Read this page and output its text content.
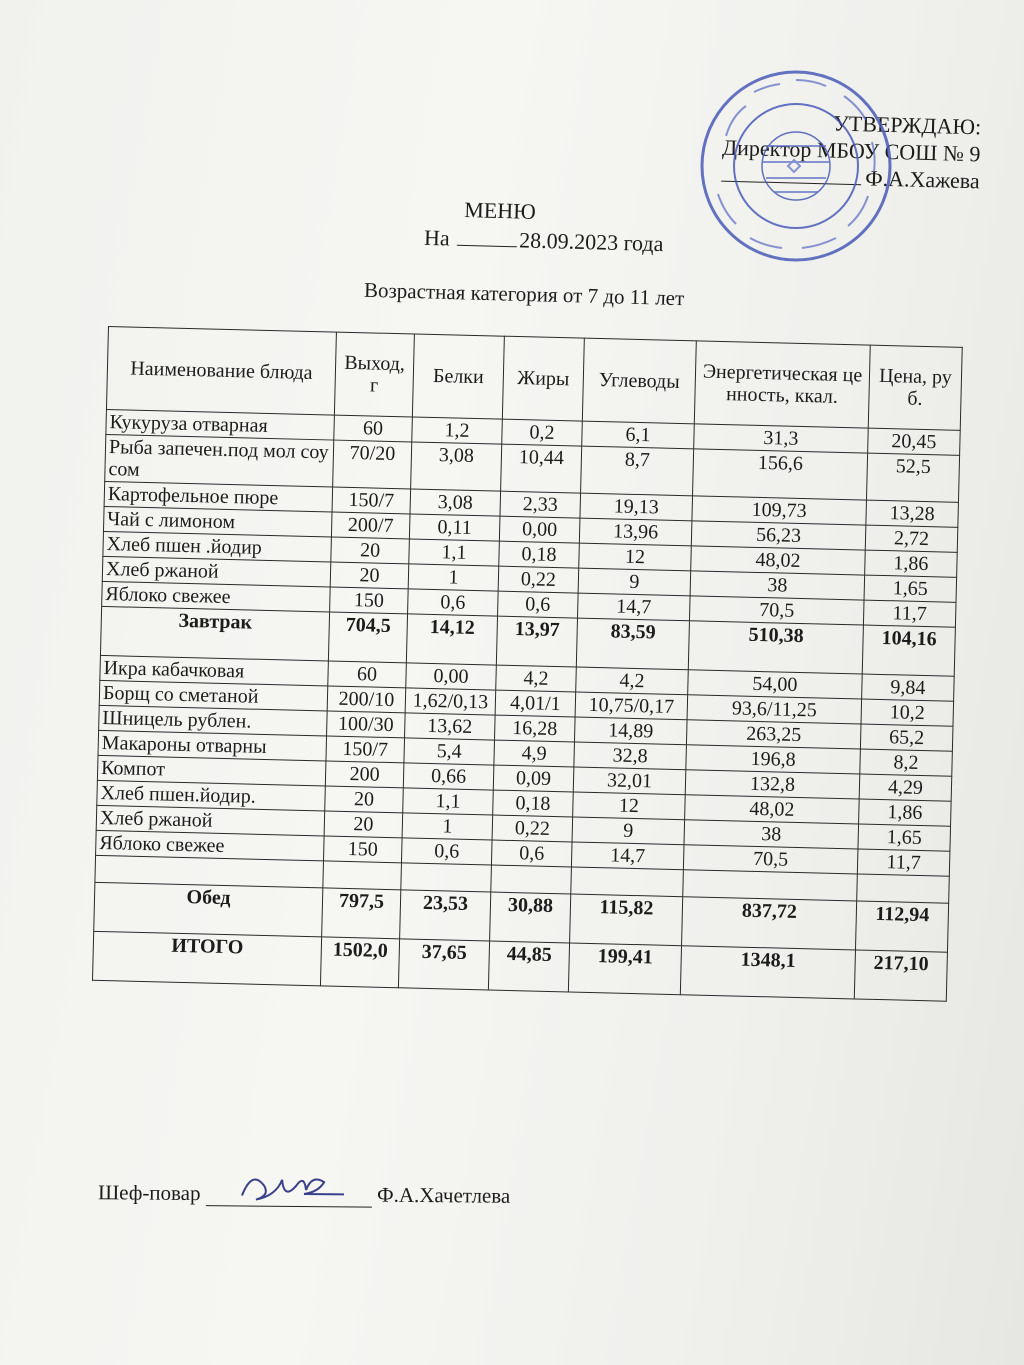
УТВЕРЖДАЮ:
Директор МБОУ СОШ № 9
Ф.А.Хажева
МЕНЮ
На	28.09.2023 года
Возрастная категория от 7 до 11 лет
Наименование блюда	Выход, г	Белки	Жиры	Углеводы	Энергетическая ценность, ккал.	Цена, руб.
Кукуруза отварная	60	1,2	0,2	6,1	31,3	20,45
Рыба запечен.под мол соусом	70/20	3,08	10,44	8,7	156,6	52,5
Картофельное пюре	150/7	3,08	2,33	19,13	109,73	13,28
Чай с лимоном	200/7	0,11	0,00	13,96	56,23	2,72
Хлеб пшен .йодир	20	1,1	0,18	12	48,02	1,86
Хлеб ржаной	20	1	0,22	9	38	1,65
Яблоко свежее	150	0,6	0,6	14,7	70,5	11,7
Завтрак	704,5	14,12	13,97	83,59	510,38	104,16
Икра кабачковая	60	0,00	4,2	4,2	54,00	9,84
Борщ со сметаной	200/10	1,62/0,13	4,01/1	10,75/0,17	93,6/11,25	10,2
Шницель рублен.	100/30	13,62	16,28	14,89	263,25	65,2
Макароны отварны	150/7	5,4	4,9	32,8	196,8	8,2
Компот	200	0,66	0,09	32,01	132,8	4,29
Хлеб пшен.йодир.	20	1,1	0,18	12	48,02	1,86
Хлеб ржаной	20	1	0,22	9	38	1,65
Яблоко свежее	150	0,6	0,6	14,7	70,5	11,7

Обед	797,5	23,53	30,88	115,82	837,72	112,94
ИТОГО	1502,0	37,65	44,85	199,41	1348,1	217,10
Шеф-повар	Ф.А.Хачетлева
